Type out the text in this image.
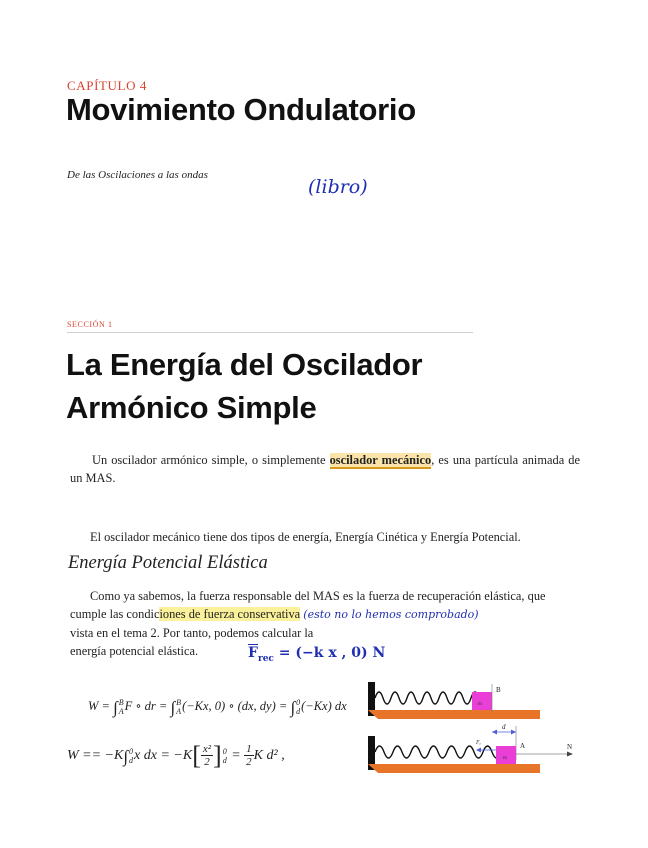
CAPÍTULO 4
Movimiento Ondulatorio
De las Oscilaciones a las ondas
(libro)
SECCIÓN 1
La Energía del Oscilador
Armónico Simple
Un oscilador armónico simple, o simplemente oscilador mecánico, es una partícula animada de un MAS.
El oscilador mecánico tiene dos tipos de energía, Energía Cinética y Energía Potencial.
Energía Potencial Elástica
Como ya sabemos, la fuerza responsable del MAS es la fuerza de recuperación elástica, que cumple las condiciones de fuerza conservativa (esto no lo hemos comprobado)
vista en el tema 2. Por tanto, podemos calcular la
energía potencial elástica.	$\overline{F}_{rec} = (-k$ x , 0) N
W = ∫B
AF ∘ dr = ∫B
A(−Kx, 0) ∘ (dx, dy) = ∫0
d(−Kx) dx
W == −K∫0
dx dx = $-K[ \frac{\text{x²}}{2} ]0$
$d = \frac{1}{2}$ K d² ,
m
B
d
m
Fₑ	A	N
